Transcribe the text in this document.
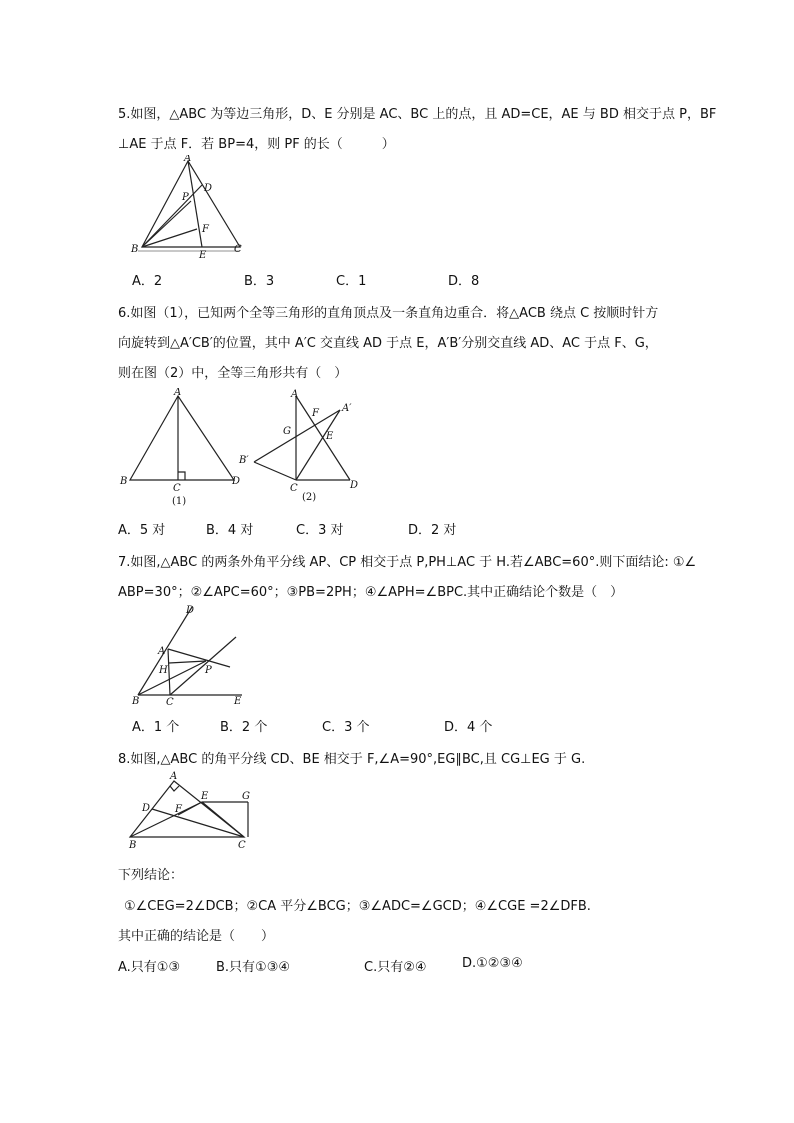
5.如图，△ABC 为等边三角形，D、E 分别是 AC、BC 上的点，且 AD=CE，AE 与 BD 相交于点 P，BF
⊥AE 于点 F．若 BP=4，则 PF 的长（　　　）
A
P
D
F
B
E
C
A．2	B．3	C．1	D．8
6.如图（1），已知两个全等三角形的直角顶点及一条直角边重合．将△ACB 绕点 C 按顺时针方
向旋转到△A′CB′的位置，其中 A′C 交直线 AD 于点 E，A′B′分别交直线 AD、AC 于点 F、G，
则在图（2）中，全等三角形共有（　）
A
B
C
D
(1)
A
F A′
G	E
B′
C	D
(2)
A．5 对	B．4 对	C．3 对	D．2 对
7.如图,△ABC 的两条外角平分线 AP、CP 相交于点 P,PH⊥AC 于 H.若∠ABC=60°.则下面结论: ①∠
ABP=30°；②∠APC=60°；③PB=2PH；④∠APH=∠BPC.其中正确结论个数是（　）
D
A
H	P
B	C	E
A．1 个	B．2 个	C．3 个	D．4 个
8.如图,△ABC 的角平分线 CD、BE 相交于 F,∠A=90°,EG∥BC,且 CG⊥EG 于 G.
A
D F
E	G
B	C
下列结论：
①∠CEG=2∠DCB；②CA 平分∠BCG；③∠ADC=∠GCD；④∠CGE =2∠DFB.
其中正确的结论是（　　）
A.只有①③	B.只有①③④	C.只有②④	D.①②③④
